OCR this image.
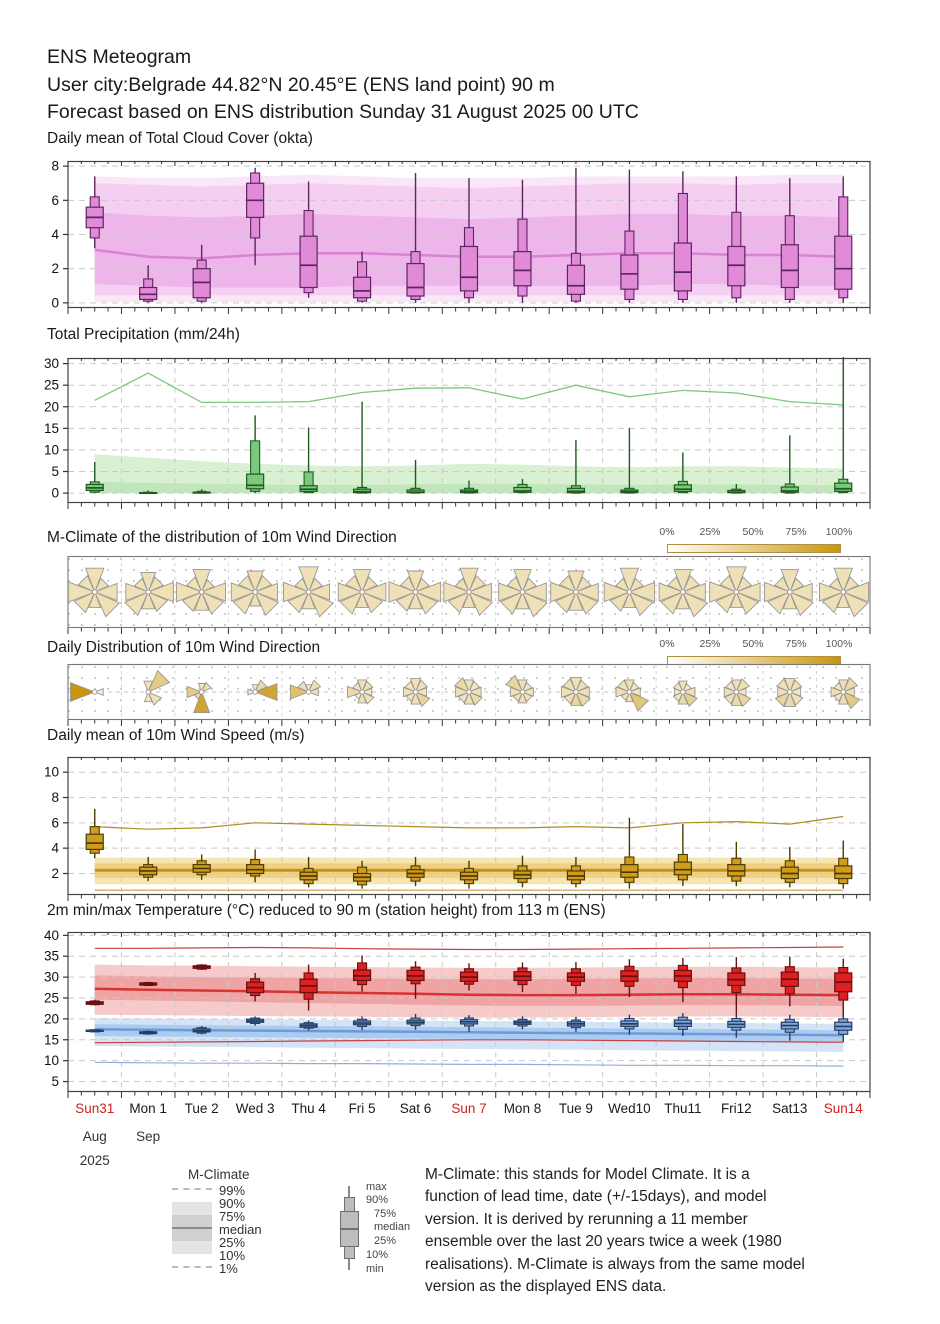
ENS Meteogram
User city:Belgrade 44.82°N 20.45°E (ENS land point) 90 m
Forecast based on ENS distribution Sunday 31 August 2025 00 UTC
Daily mean of Total Cloud Cover (okta)
0
2
4
6
8
Total Precipitation (mm/24h)
0
5
10
15
20
25
30
M-Climate of the distribution of 10m Wind Direction	0%	25%	50%	75%	100%
Daily Distribution of 10m Wind Direction	0%	25%	50%	75%	100%
Daily mean of 10m Wind Speed (m/s)
2
4
6
8
10
2m min/max Temperature (°C) reduced to 90 m (station height) from 113 m (ENS)
5
10
15
20
25
30
35
40
Sun31	Mon 1	Tue 2	Wed 3	Thu 4	Fri 5	Sat 6	Sun 7	Mon 8	Tue 9	Wed10	Thu11	Fri12	Sat13	Sun14
Aug	Sep
2025
M-Climate
99%
90%
75%
median
25%
10%
1%
max
90%
75%
median
25%
10%
min
M-Climate: this stands for Model Climate. It is a function of lead time, date (+/-15days), and model version. It is derived by rerunning a 11 member ensemble over the last 20 years twice a week (1980 realisations). M-Climate is always from the same model version as the displayed ENS data.
